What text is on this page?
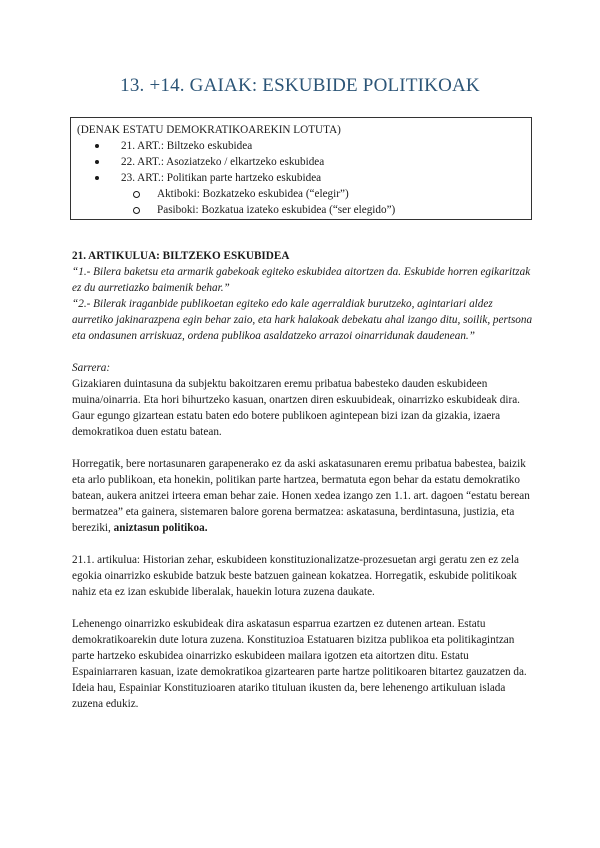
13. +14. GAIAK: ESKUBIDE POLITIKOAK

(DENAK ESTATU DEMOKRATIKOAREKIN LOTUTA)

21. ART.: Biltzeko eskubidea
22. ART.: Asoziatzeko / elkartzeko eskubidea
23. ART.: Politikan parte hartzeko eskubidea
Aktiboki: Bozkatzeko eskubidea (“elegir”)
Pasiboki: Bozkatua izateko eskubidea (“ser elegido”)

21. ARTIKULUA: BILTZEKO ESKUBIDEA

“1.- Bilera baketsu eta armarik gabekoak egiteko eskubidea aitortzen da. Eskubide horren egikaritzak ez du aurretiazko baimenik behar.”

“2.- Bilerak iraganbide publikoetan egiteko edo kale agerraldiak burutzeko, agintariari aldez aurretiko jakinarazpena egin behar zaio, eta hark halakoak debekatu ahal izango ditu, soilik, pertsona eta ondasunen arriskuaz, ordena publikoa asaldatzeko arrazoi oinarridunak daudenean.”

Sarrera:

Gizakiaren duintasuna da subjektu bakoitzaren eremu pribatua babesteko dauden eskubideen muina/oinarria. Eta hori bihurtzeko kasuan, onartzen diren eskuubideak, oinarrizko eskubideak dira. Gaur egungo gizartean estatu baten edo botere publikoen agintepean bizi izan da gizakia, izaera demokratikoa duen estatu batean.

Horregatik, bere nortasunaren garapenerako ez da aski askatasunaren eremu pribatua babestea, baizik eta arlo publikoan, eta honekin, politikan parte hartzea, bermatuta egon behar da estatu demokratiko batean, aukera anitzei irteera eman behar zaie. Honen xedea izango zen 1.1. art. dagoen “estatu berean bermatzea” eta gainera, sistemaren balore gorena bermatzea: askatasuna, berdintasuna, justizia, eta bereziki, aniztasun politikoa.

21.1. artikulua: Historian zehar, eskubideen konstituzionalizatze-prozesuetan argi geratu zen ez zela egokia oinarrizko eskubide batzuk beste batzuen gainean kokatzea. Horregatik, eskubide politikoak nahiz eta ez izan eskubide liberalak, hauekin lotura zuzena daukate.

Lehenengo oinarrizko eskubideak dira askatasun esparrua ezartzen ez dutenen artean. Estatu demokratikoarekin dute lotura zuzena. Konstituzioa Estatuaren bizitza publikoa eta politikagintzan parte hartzeko eskubidea oinarrizko eskubideen mailara igotzen eta aitortzen ditu. Estatu Espainiarraren kasuan, izate demokratikoa gizartearen parte hartze politikoaren bitartez gauzatzen da. Ideia hau, Espainiar Konstituzioaren atariko tituluan ikusten da, bere lehenengo artikuluan islada zuzena edukiz.
